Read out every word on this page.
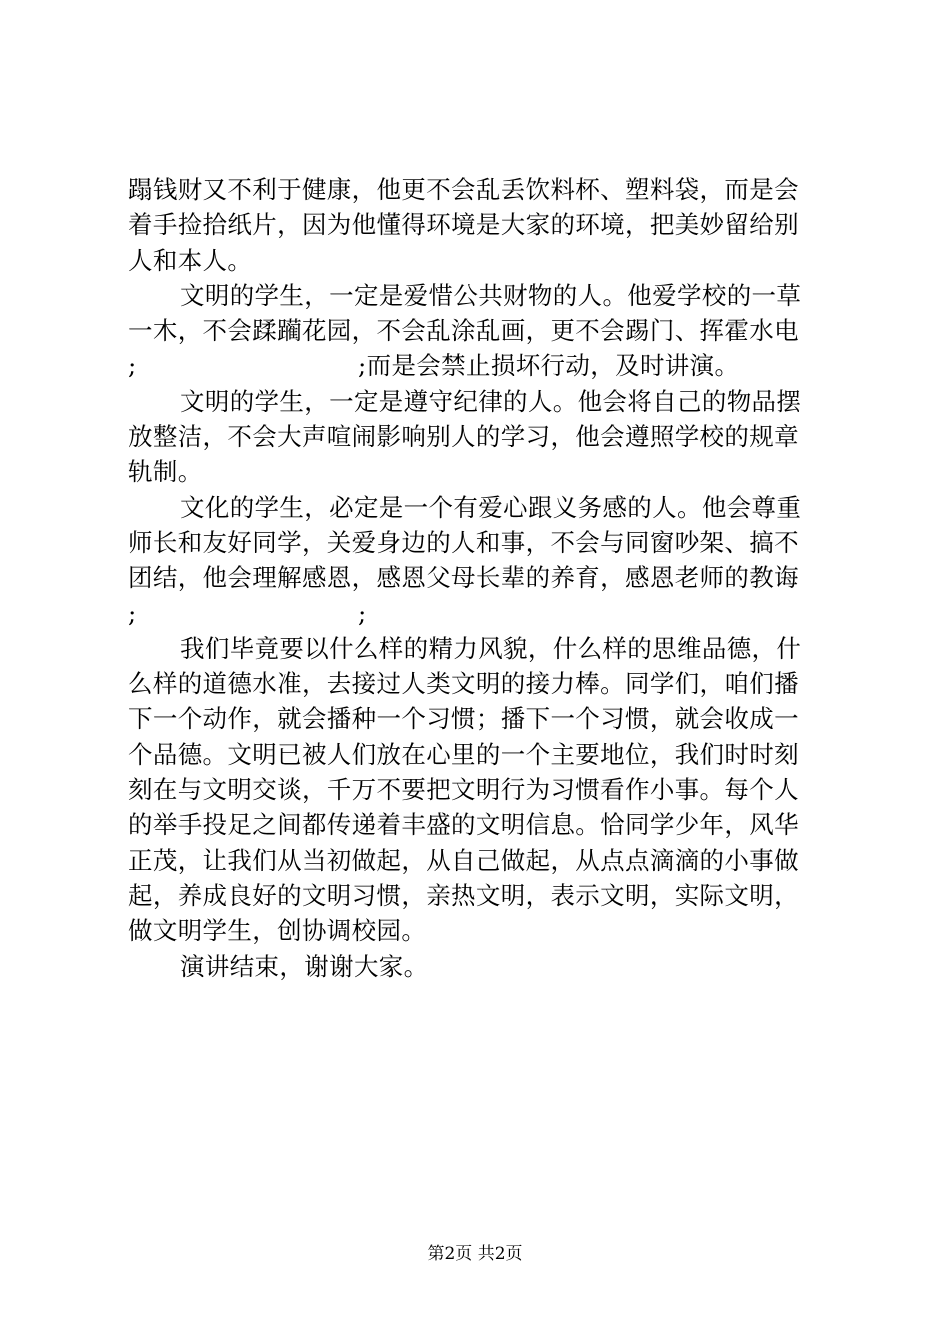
蹋钱财又不利于健康，他更不会乱丢饮料杯、塑料袋，而是会
着手捡拾纸片，因为他懂得环境是大家的环境，把美妙留给别
人和本人。
文明的学生，一定是爱惜公共财物的人。他爱学校的一草
一木，不会蹂躏花园，不会乱涂乱画，更不会踢门、挥霍水电
;	;而是会禁止损坏行动，及时讲演。
文明的学生，一定是遵守纪律的人。他会将自己的物品摆
放整洁，不会大声喧闹影响别人的学习，他会遵照学校的规章
轨制。
文化的学生，必定是一个有爱心跟义务感的人。他会尊重
师长和友好同学，关爱身边的人和事，不会与同窗吵架、搞不
团结，他会理解感恩，感恩父母长辈的养育，感恩老师的教诲
;	;
我们毕竟要以什么样的精力风貌，什么样的思维品德，什
么样的道德水准，去接过人类文明的接力棒。同学们，咱们播
下一个动作，就会播种一个习惯；播下一个习惯，就会收成一
个品德。文明已被人们放在心里的一个主要地位，我们时时刻
刻在与文明交谈，千万不要把文明行为习惯看作小事。每个人
的举手投足之间都传递着丰盛的文明信息。恰同学少年，风华
正茂，让我们从当初做起，从自己做起，从点点滴滴的小事做
起，养成良好的文明习惯，亲热文明，表示文明，实际文明，
做文明学生，创协调校园。
演讲结束，谢谢大家。
第2页 共2页
